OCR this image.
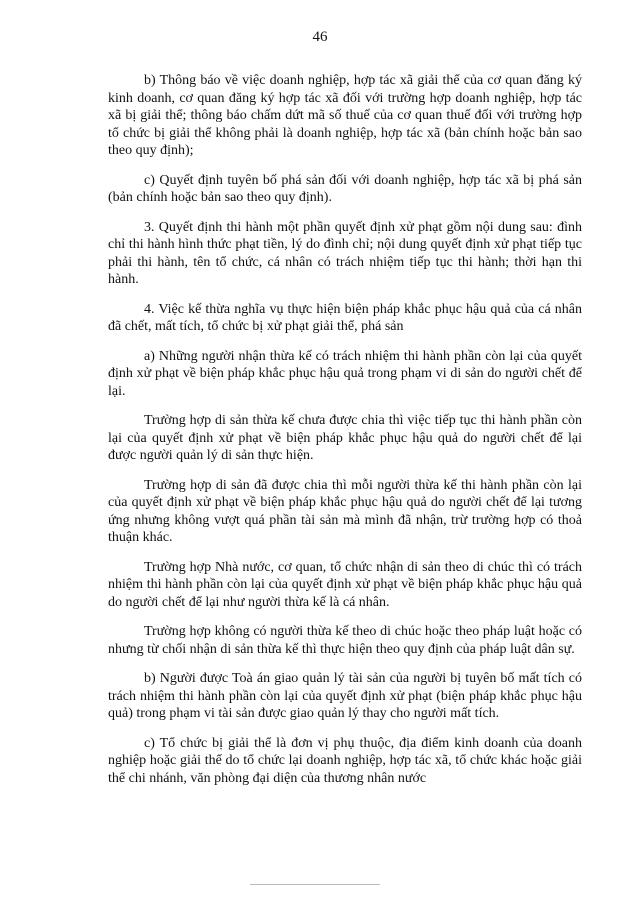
46

b) Thông báo về việc doanh nghiệp, hợp tác xã giải thể của cơ quan đăng ký kinh doanh, cơ quan đăng ký hợp tác xã đối với trường hợp doanh nghiệp, hợp tác xã bị giải thể; thông báo chấm dứt mã số thuế của cơ quan thuế đối với trường hợp tổ chức bị giải thể không phải là doanh nghiệp, hợp tác xã (bản chính hoặc bản sao theo quy định);

c) Quyết định tuyên bố phá sản đối với doanh nghiệp, hợp tác xã bị phá sản (bản chính hoặc bản sao theo quy định).

3. Quyết định thi hành một phần quyết định xử phạt gồm nội dung sau: đình chỉ thi hành hình thức phạt tiền, lý do đình chỉ; nội dung quyết định xử phạt tiếp tục phải thi hành, tên tổ chức, cá nhân có trách nhiệm tiếp tục thi hành; thời hạn thi hành.

4. Việc kế thừa nghĩa vụ thực hiện biện pháp khắc phục hậu quả của cá nhân đã chết, mất tích, tổ chức bị xử phạt giải thể, phá sản

a) Những người nhận thừa kế có trách nhiệm thi hành phần còn lại của quyết định xử phạt về biện pháp khắc phục hậu quả trong phạm vi di sản do người chết để lại.

Trường hợp di sản thừa kế chưa được chia thì việc tiếp tục thi hành phần còn lại của quyết định xử phạt về biện pháp khắc phục hậu quả do người chết để lại được người quản lý di sản thực hiện.

Trường hợp di sản đã được chia thì mỗi người thừa kế thi hành phần còn lại của quyết định xử phạt về biện pháp khắc phục hậu quả do người chết để lại tương ứng nhưng không vượt quá phần tài sản mà mình đã nhận, trừ trường hợp có thoả thuận khác.

Trường hợp Nhà nước, cơ quan, tổ chức nhận di sản theo di chúc thì có trách nhiệm thi hành phần còn lại của quyết định xử phạt về biện pháp khắc phục hậu quả do người chết để lại như người thừa kế là cá nhân.

Trường hợp không có người thừa kế theo di chúc hoặc theo pháp luật hoặc có nhưng từ chối nhận di sản thừa kế thì thực hiện theo quy định của pháp luật dân sự.

b) Người được Toà án giao quản lý tài sản của người bị tuyên bố mất tích có trách nhiệm thi hành phần còn lại của quyết định xử phạt (biện pháp khắc phục hậu quả) trong phạm vi tài sản được giao quản lý thay cho người mất tích.

c) Tổ chức bị giải thể là đơn vị phụ thuộc, địa điểm kinh doanh của doanh nghiệp hoặc giải thể do tổ chức lại doanh nghiệp, hợp tác xã, tổ chức khác hoặc giải thể chi nhánh, văn phòng đại diện của thương nhân nước
